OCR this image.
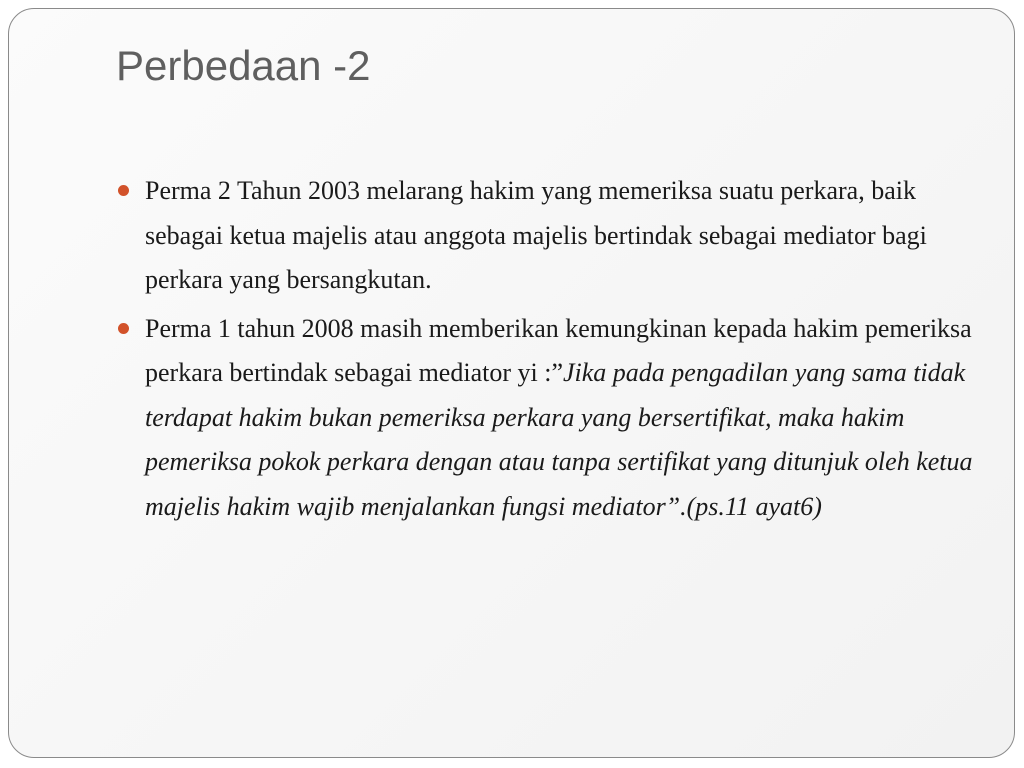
Perbedaan -2
Perma 2 Tahun 2003 melarang hakim yang memeriksa suatu perkara, baik sebagai ketua majelis atau anggota majelis bertindak sebagai mediator bagi perkara yang bersangkutan.
Perma 1 tahun 2008 masih memberikan kemungkinan kepada hakim pemeriksa perkara bertindak sebagai mediator yi :”Jika pada pengadilan yang sama tidak terdapat hakim bukan pemeriksa perkara yang bersertifikat, maka hakim pemeriksa pokok perkara dengan atau tanpa sertifikat yang ditunjuk oleh ketua majelis hakim wajib menjalankan fungsi mediator”.(ps.11 ayat6)
